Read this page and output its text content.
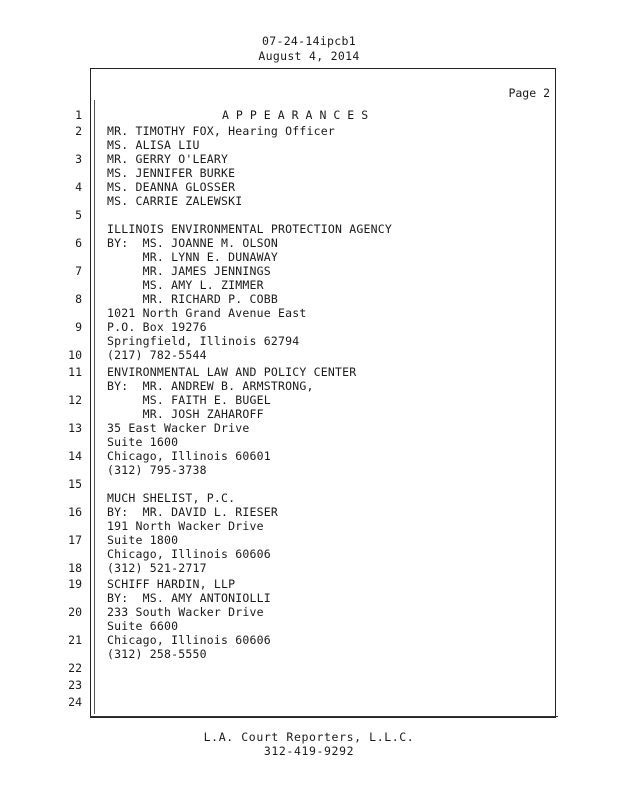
07-24-14ipcb1
August 4, 2014
Page 2
APPEARANCES
1
2
3
4
5
6
7
8
9
10
11
12
13
14
15
16
17
18
19
20
21
22
23
24
MR. TIMOTHY FOX, Hearing Officer
MS. ALISA LIU
MR. GERRY O'LEARY
MS. JENNIFER BURKE
MS. DEANNA GLOSSER
MS. CARRIE ZALEWSKI
ILLINOIS ENVIRONMENTAL PROTECTION AGENCY
BY:  MS. JOANNE M. OLSON
MR. LYNN E. DUNAWAY
MR. JAMES JENNINGS
MS. AMY L. ZIMMER
MR. RICHARD P. COBB
1021 North Grand Avenue East
P.O. Box 19276
Springfield, Illinois 62794
(217) 782-5544
ENVIRONMENTAL LAW AND POLICY CENTER
BY:  MR. ANDREW B. ARMSTRONG,
MS. FAITH E. BUGEL
MR. JOSH ZAHAROFF
35 East Wacker Drive
Suite 1600
Chicago, Illinois 60601
(312) 795-3738
MUCH SHELIST, P.C.
BY:  MR. DAVID L. RIESER
191 North Wacker Drive
Suite 1800
Chicago, Illinois 60606
(312) 521-2717
SCHIFF HARDIN, LLP
BY:  MS. AMY ANTONIOLLI
233 South Wacker Drive
Suite 6600
Chicago, Illinois 60606
(312) 258-5550
L.A. Court Reporters, L.L.C.
312-419-9292
